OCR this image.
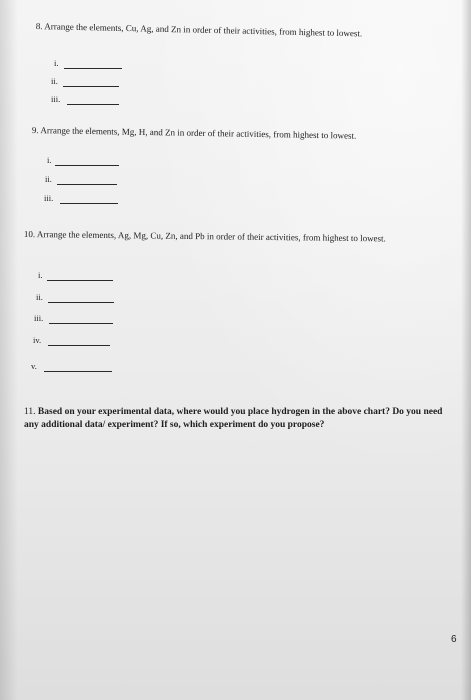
8. Arrange the elements, Cu, Ag, and Zn in order of their activities, from highest to lowest.

i.
ii.
iii.

9. Arrange the elements, Mg, H, and Zn in order of their activities, from highest to lowest.

i.
ii.
iii.

10. Arrange the elements, Ag, Mg, Cu, Zn, and Pb in order of their activities, from highest to lowest.

i.
ii.
iii.
iv.
v.

11. Based on your experimental data, where would you place hydrogen in the above chart? Do you need any additional data/ experiment? If so, which experiment do you propose?

6
